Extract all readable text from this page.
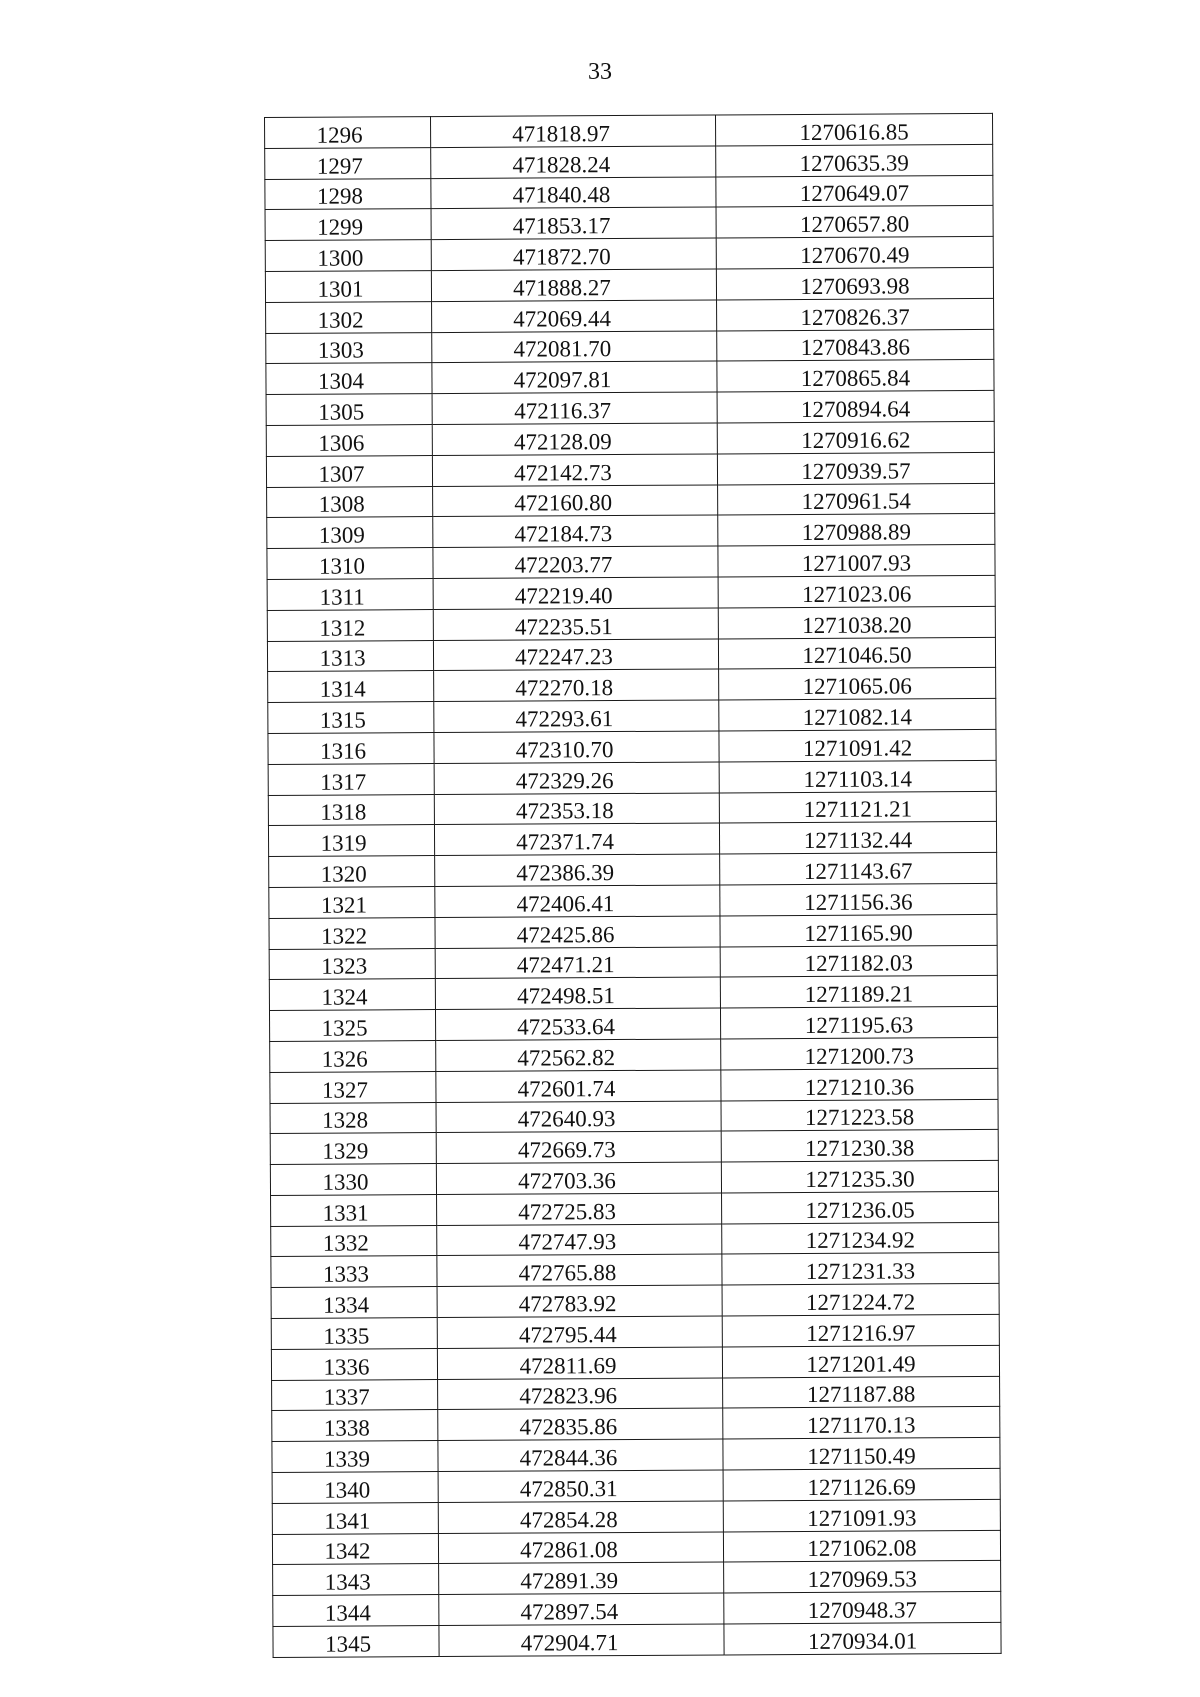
33
1296	471818.97	1270616.85
1297	471828.24	1270635.39
1298	471840.48	1270649.07
1299	471853.17	1270657.80
1300	471872.70	1270670.49
1301	471888.27	1270693.98
1302	472069.44	1270826.37
1303	472081.70	1270843.86
1304	472097.81	1270865.84
1305	472116.37	1270894.64
1306	472128.09	1270916.62
1307	472142.73	1270939.57
1308	472160.80	1270961.54
1309	472184.73	1270988.89
1310	472203.77	1271007.93
1311	472219.40	1271023.06
1312	472235.51	1271038.20
1313	472247.23	1271046.50
1314	472270.18	1271065.06
1315	472293.61	1271082.14
1316	472310.70	1271091.42
1317	472329.26	1271103.14
1318	472353.18	1271121.21
1319	472371.74	1271132.44
1320	472386.39	1271143.67
1321	472406.41	1271156.36
1322	472425.86	1271165.90
1323	472471.21	1271182.03
1324	472498.51	1271189.21
1325	472533.64	1271195.63
1326	472562.82	1271200.73
1327	472601.74	1271210.36
1328	472640.93	1271223.58
1329	472669.73	1271230.38
1330	472703.36	1271235.30
1331	472725.83	1271236.05
1332	472747.93	1271234.92
1333	472765.88	1271231.33
1334	472783.92	1271224.72
1335	472795.44	1271216.97
1336	472811.69	1271201.49
1337	472823.96	1271187.88
1338	472835.86	1271170.13
1339	472844.36	1271150.49
1340	472850.31	1271126.69
1341	472854.28	1271091.93
1342	472861.08	1271062.08
1343	472891.39	1270969.53
1344	472897.54	1270948.37
1345	472904.71	1270934.01
